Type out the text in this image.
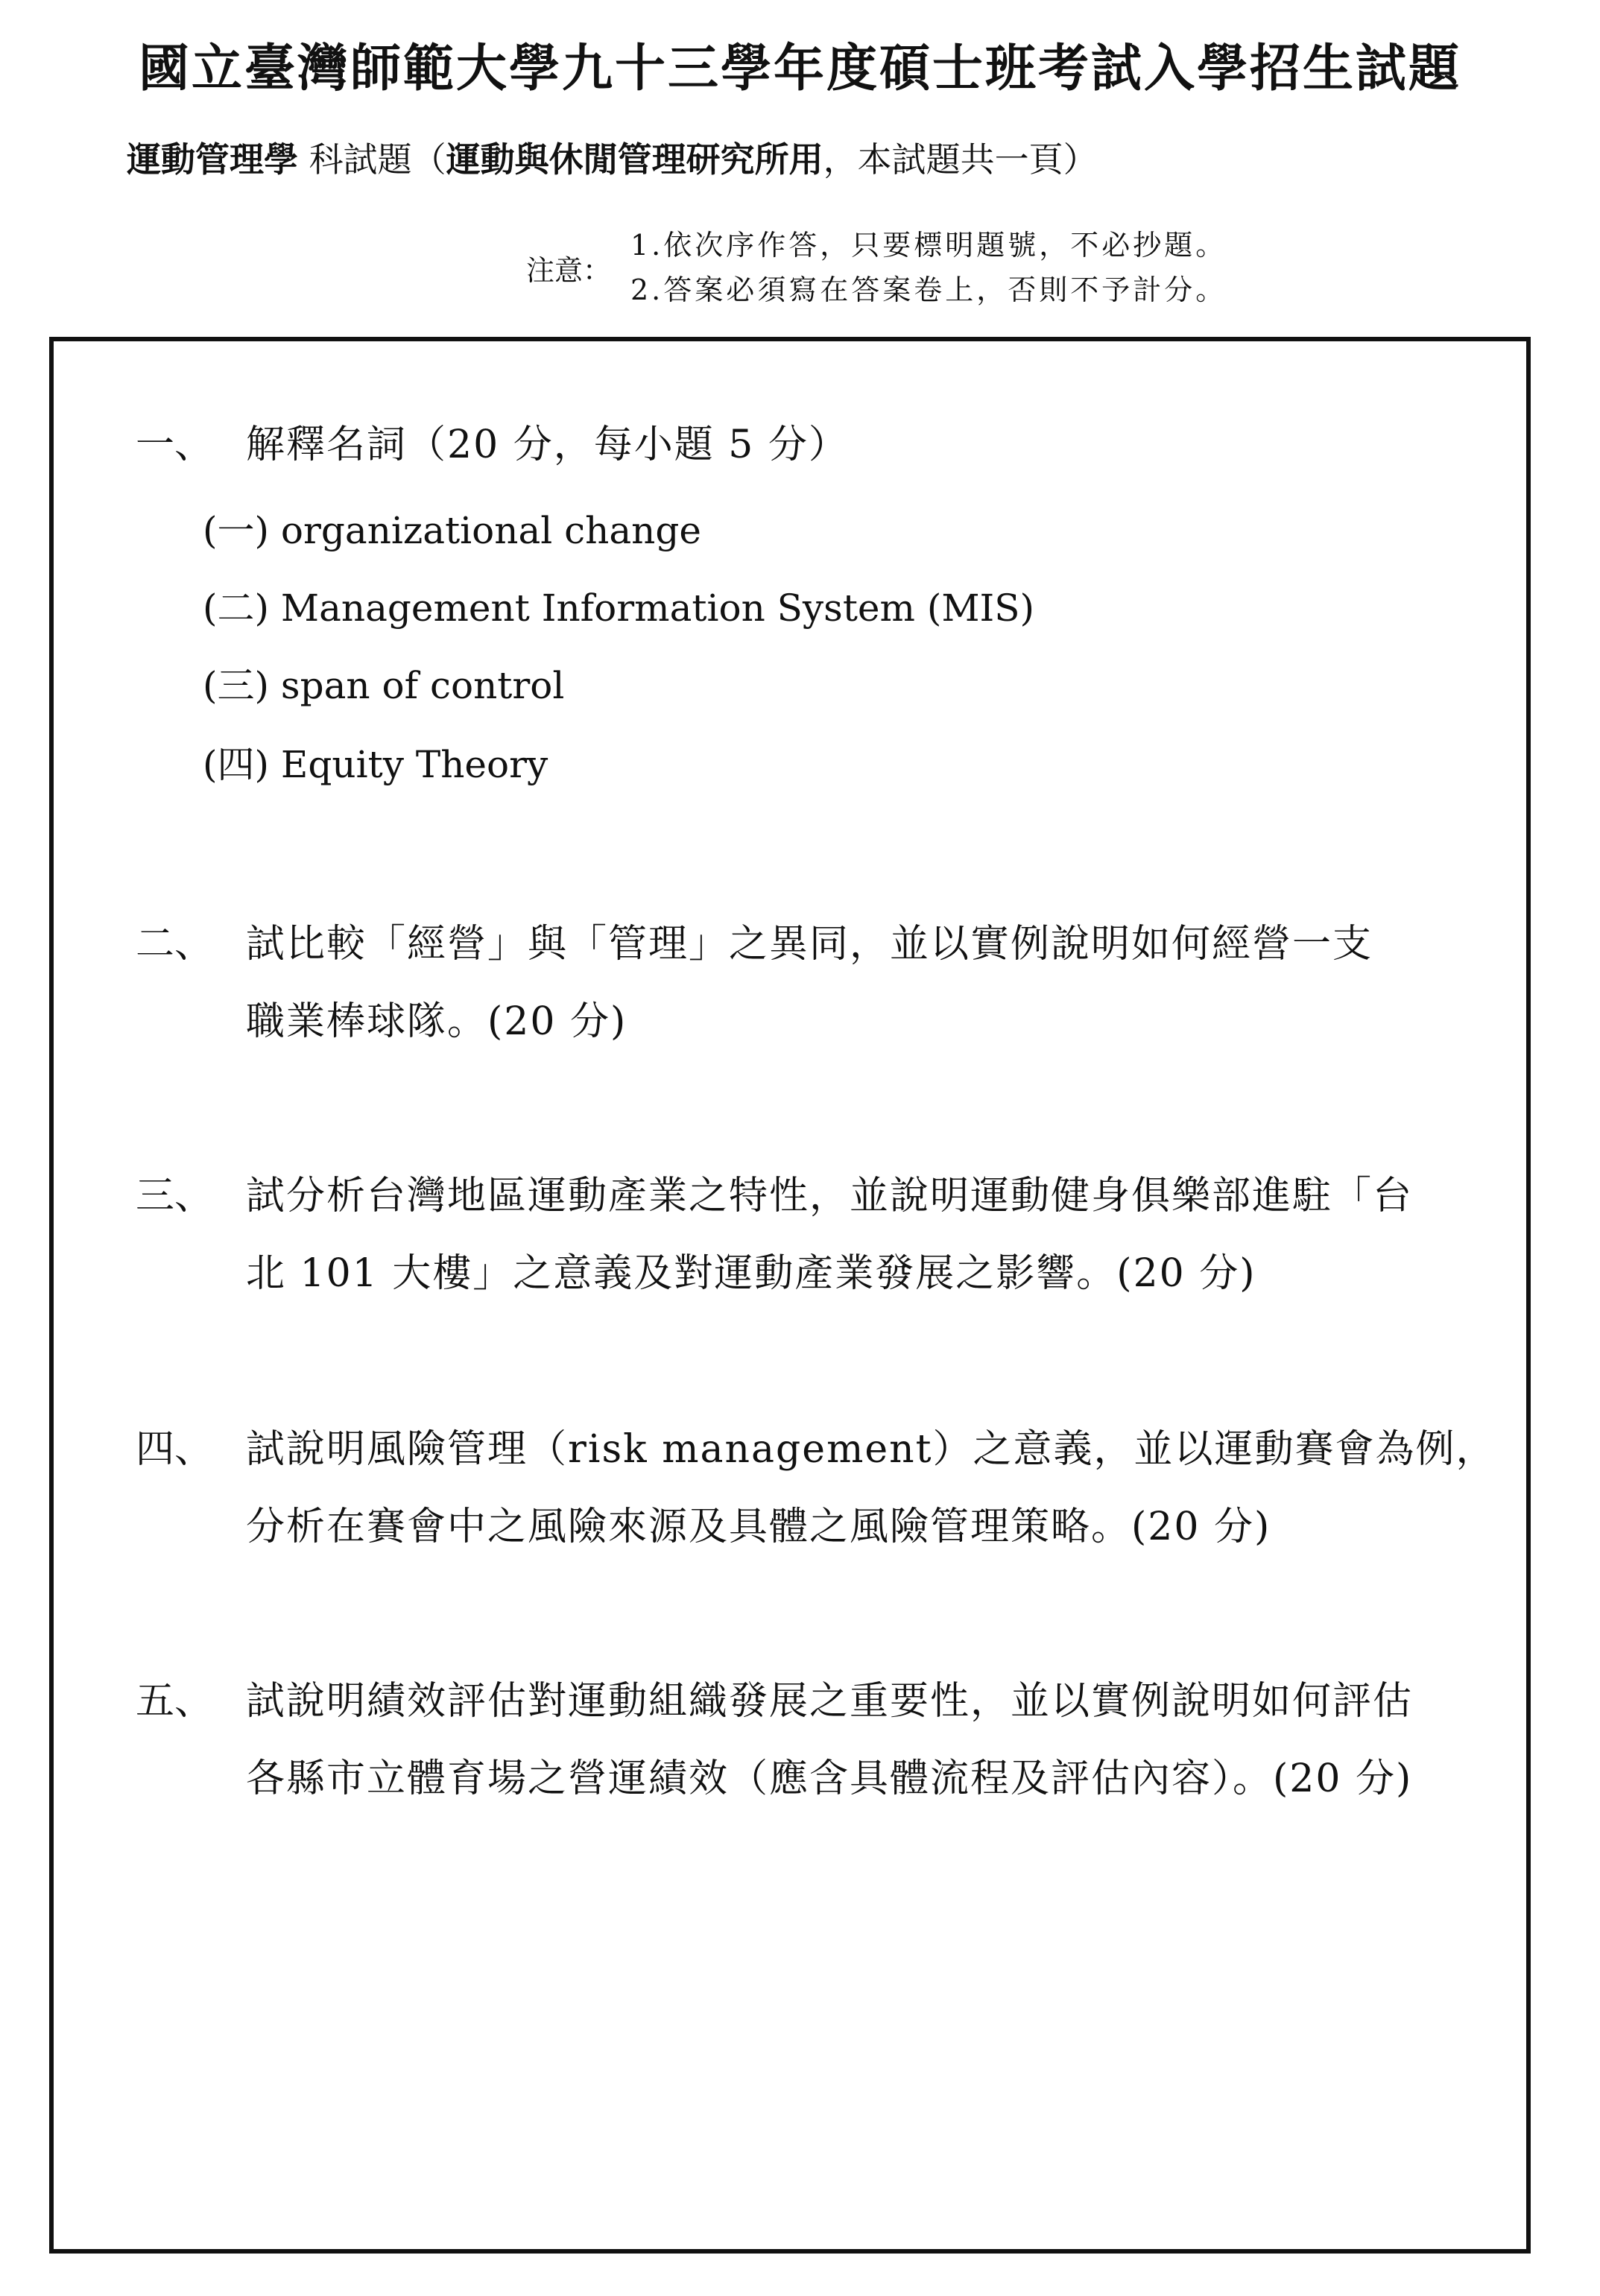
國立臺灣師範大學九十三學年度碩士班考試入學招生試題

運動管理學 科試題（運動與休閒管理研究所用，本試題共一頁）

注意：
1.依次序作答，只要標明題號，不必抄題。
2.答案必須寫在答案卷上，否則不予計分。
一、 解釋名詞（20 分，每小題 5 分）
(一) organizational change
(二) Management Information System (MIS)
(三) span of control
(四) Equity Theory
二、 試比較「經營」與「管理」之異同，並以實例說明如何經營一支
職業棒球隊。(20 分)
三、 試分析台灣地區運動產業之特性，並說明運動健身俱樂部進駐「台
北 101 大樓」之意義及對運動產業發展之影響。(20 分)
四、 試說明風險管理（risk management）之意義，並以運動賽會為例，
分析在賽會中之風險來源及具體之風險管理策略。(20 分)
五、 試說明績效評估對運動組織發展之重要性，並以實例說明如何評估
各縣市立體育場之營運績效（應含具體流程及評估內容）。(20 分)
